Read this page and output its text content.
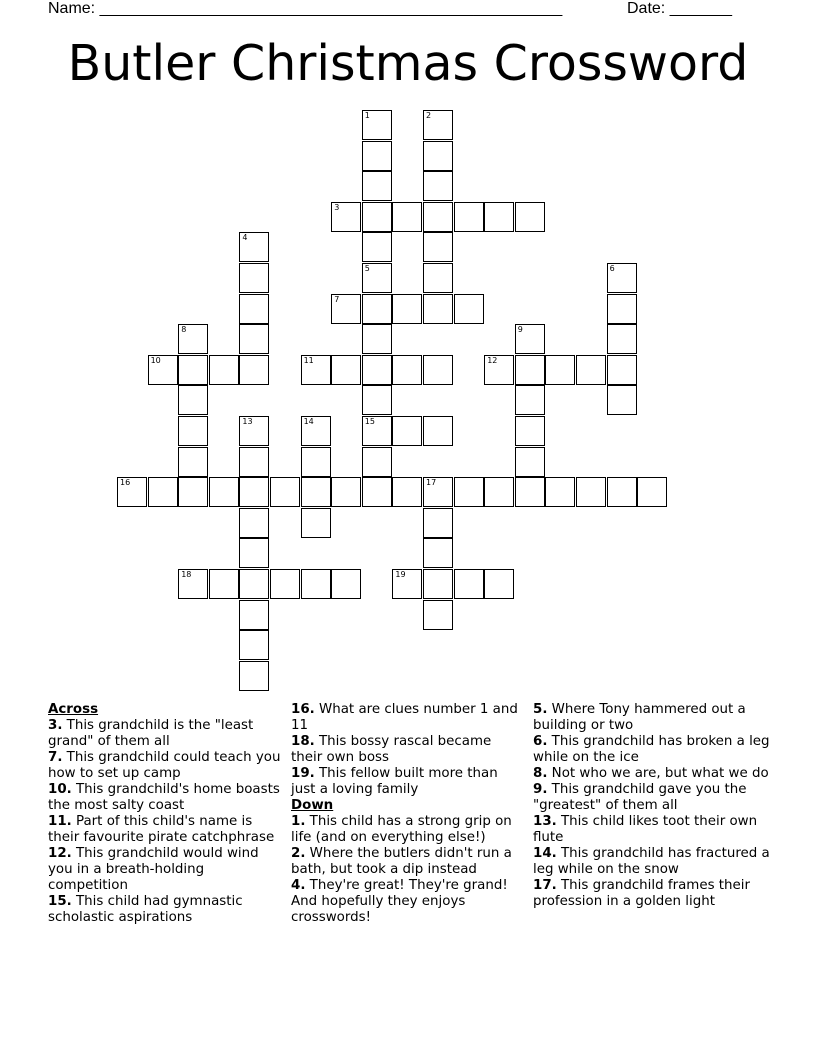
Name: ____________________________________________________	Date: _______
Butler Christmas Crossword
1
5
2
3
4
15
6
7
8	9
10	11	12
13	14
16	17
18	19
Across
3. This grandchild is the "least grand" of them all
7. This grandchild could teach you how to set up camp
10. This grandchild's home boasts the most salty coast
11. Part of this child's name is their favourite pirate catchphrase
12. This grandchild would wind you in a breath-holding competition
15. This child had gymnastic scholastic aspirations
16. What are clues number 1 and 11
18. This bossy rascal became their own boss
19. This fellow built more than just a loving family
Down
1. This child has a strong grip on life (and on everything else!)
2. Where the butlers didn't run a bath, but took a dip instead
4. They're great! They're grand! And hopefully they enjoys crosswords!
5. Where Tony hammered out a building or two
6. This grandchild has broken a leg while on the ice
8. Not who we are, but what we do
9. This grandchild gave you the "greatest" of them all
13. This child likes toot their own flute
14. This grandchild has fractured a leg while on the snow
17. This grandchild frames their profession in a golden light
